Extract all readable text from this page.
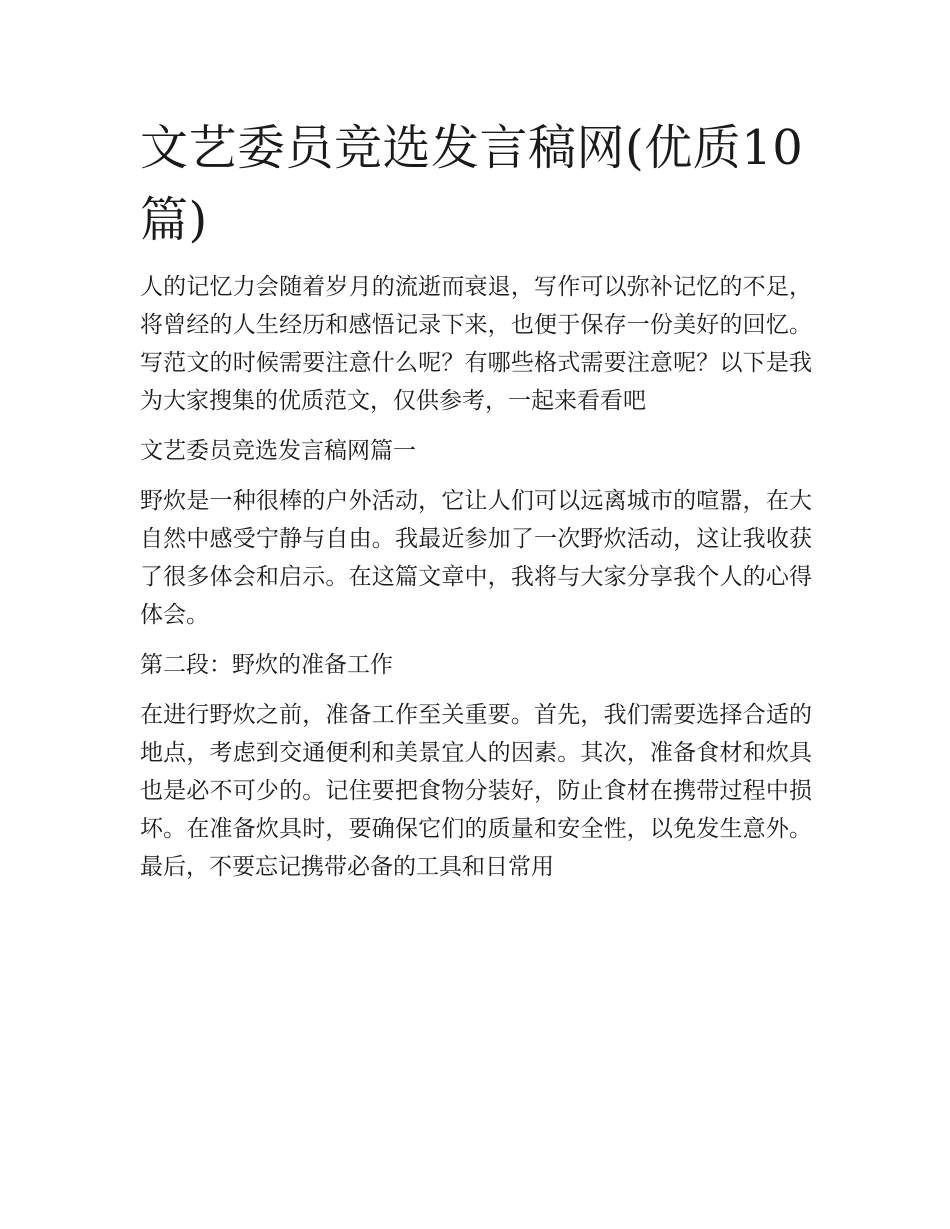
文艺委员竞选发言稿网(优质10篇)

人的记忆力会随着岁月的流逝而衰退，写作可以弥补记忆的不足，将曾经的人生经历和感悟记录下来，也便于保存一份美好的回忆。写范文的时候需要注意什么呢？有哪些格式需要注意呢？以下是我为大家搜集的优质范文，仅供参考，一起来看看吧

文艺委员竞选发言稿网篇一

野炊是一种很棒的户外活动，它让人们可以远离城市的喧嚣，在大自然中感受宁静与自由。我最近参加了一次野炊活动，这让我收获了很多体会和启示。在这篇文章中，我将与大家分享我个人的心得体会。

第二段：野炊的准备工作

在进行野炊之前，准备工作至关重要。首先，我们需要选择合适的地点，考虑到交通便利和美景宜人的因素。其次，准备食材和炊具也是必不可少的。记住要把食物分装好，防止食材在携带过程中损坏。在准备炊具时，要确保它们的质量和安全性，以免发生意外。最后，不要忘记携带必备的工具和日常用
